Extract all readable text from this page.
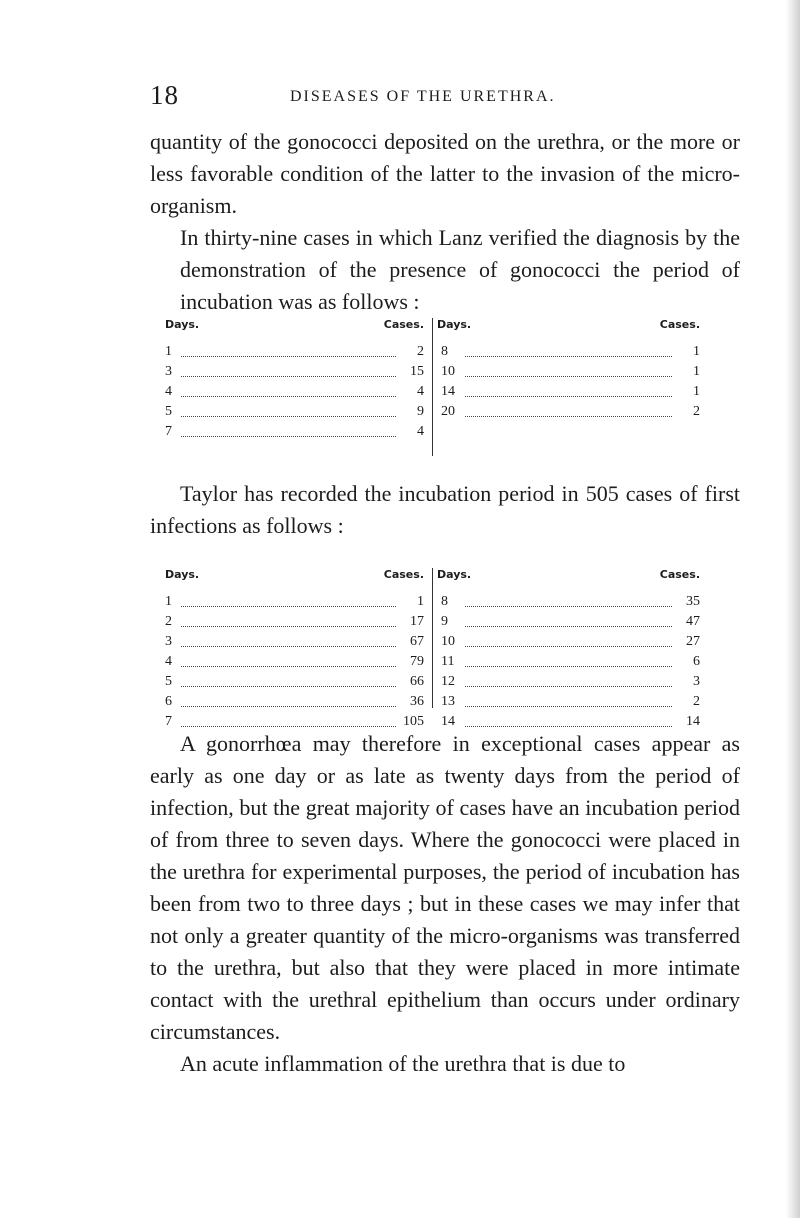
18	DISEASES OF THE URETHRA.
quantity of the gonococci deposited on the urethra, or the more or less favorable condition of the latter to the invasion of the micro-organism.
In thirty-nine cases in which Lanz verified the diagnosis by the demonstration of the presence of gonococci the period of incubation was as follows :
Days.	Cases.
1	2
3	15
4	4
5	9
7	4
Days.	Cases.
8	1
10	1
14	1
20	2
Taylor has recorded the incubation period in 505 cases of first infections as follows :
Days.	Cases.
1	1
2	17
3	67
4	79
5	66
6	36
7	105
Days.	Cases.
8	35
9	47
10	27
11	6
12	3
13	2
14	14
A gonorrhœa may therefore in exceptional cases appear as early as one day or as late as twenty days from the period of infection, but the great majority of cases have an incubation period of from three to seven days. Where the gonococci were placed in the urethra for experimental purposes, the period of incubation has been from two to three days ; but in these cases we may infer that not only a greater quantity of the micro-organisms was transferred to the urethra, but also that they were placed in more intimate contact with the urethral epithelium than occurs under ordinary circumstances.
An acute inflammation of the urethra that is due to
